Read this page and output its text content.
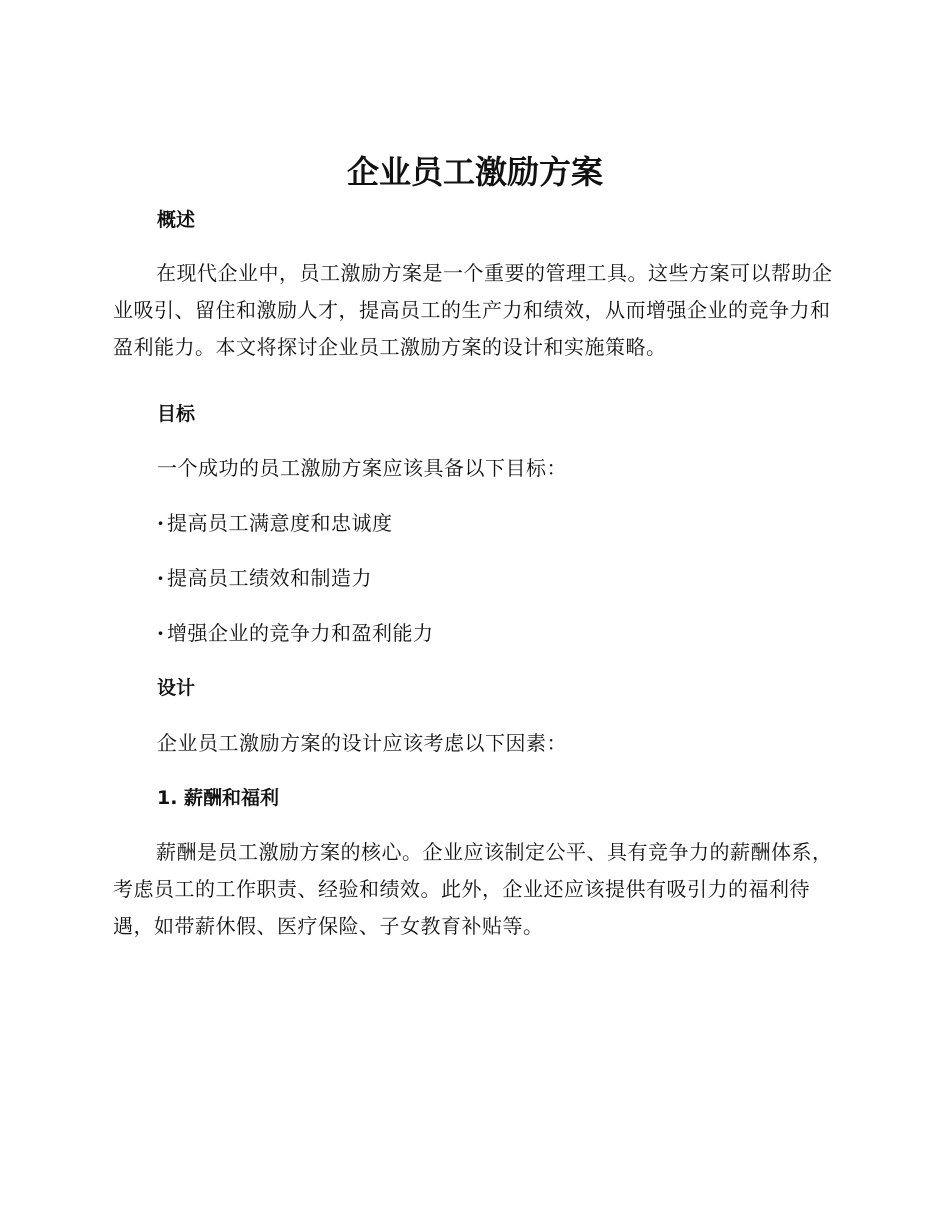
企业员工激励方案
概述

在现代企业中，员工激励方案是一个重要的管理工具。这些方案可以帮助企业吸引、留住和激励人才，提高员工的生产力和绩效，从而增强企业的竞争力和盈利能力。本文将探讨企业员工激励方案的设计和实施策略。

目标

一个成功的员工激励方案应该具备以下目标：

· 提高员工满意度和忠诚度

· 提高员工绩效和制造力

· 增强企业的竞争力和盈利能力

设计

企业员工激励方案的设计应该考虑以下因素：

1. 薪酬和福利

薪酬是员工激励方案的核心。企业应该制定公平、具有竞争力的薪酬体系，考虑员工的工作职责、经验和绩效。此外，企业还应该提供有吸引力的福利待遇，如带薪休假、医疗保险、子女教育补贴等。
